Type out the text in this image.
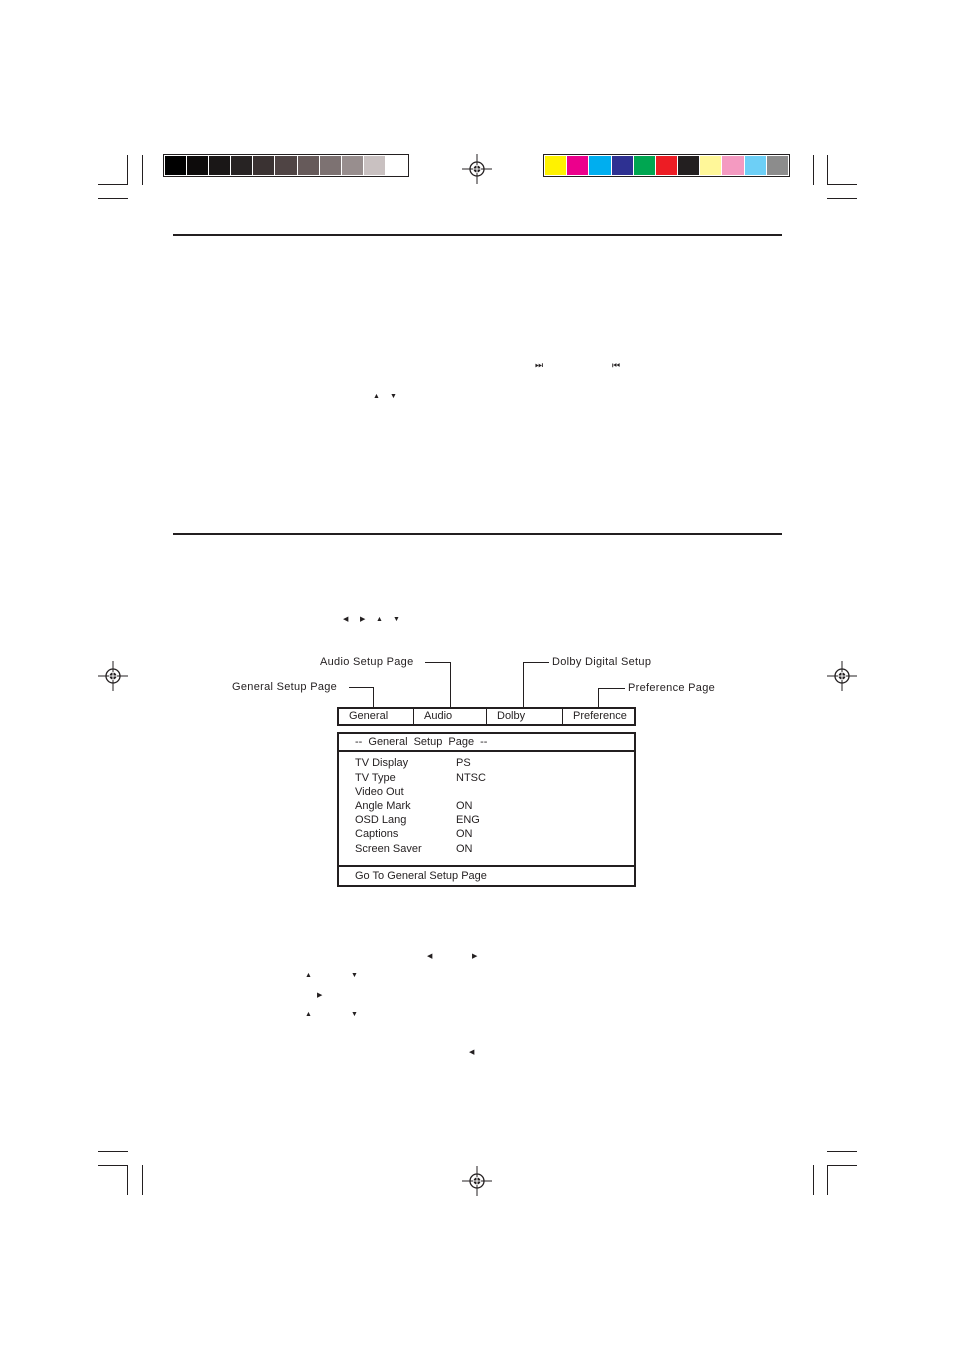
⏭	⏮
▲ ▼
◀ ▶ ▲ ▼
Audio Setup Page	Dolby Digital Setup
General Setup Page	Preference Page
General	Audio	Dolby	Preference
-- General Setup Page --
TV Display	PS
TV Type	NTSC
Video Out
Angle Mark	ON
OSD Lang	ENG
Captions	ON
Screen Saver	ON
Go To General Setup Page
◀	▶
▲	▼
▶
▲	▼
◀
